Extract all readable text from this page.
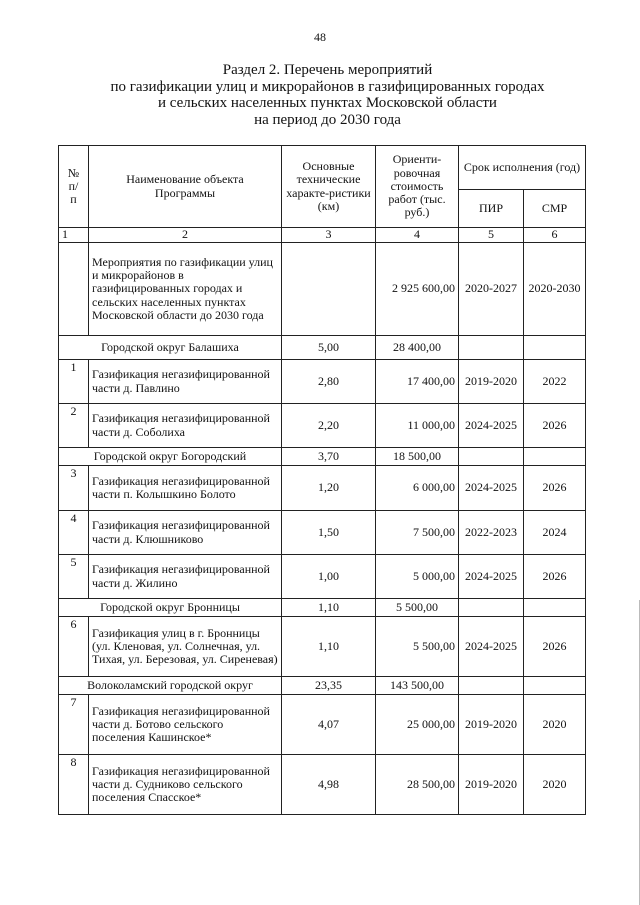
48
Раздел 2. Перечень мероприятий
по газификации улиц и микрорайонов в газифицированных городах
и сельских населенных пунктах Московской области
на период до 2030 года
№ п/п	Наименование объекта Программы	Основные технические характе-ристики (км)	Ориенти-ровочная стоимость работ (тыс. руб.)	Срок исполнения (год)	
				ПИР	СМР
1	2	3	4	5	6
	Мероприятия по газификации улиц и микрорайонов в газифицированных городах и сельских населенных пунктах Московской области до 2030 года		2 925 600,00	2020-2027	2020-2030
Городской округ Балашиха		5,00	28 400,00		
1	Газификация негазифицированной части д. Павлино	2,80	17 400,00	2019-2020	2022
2	Газификация негазифицированной части д. Соболиха	2,20	11 000,00	2024-2025	2026
Городской округ Богородский		3,70	18 500,00		
3	Газификация негазифицированной части п. Колышкино Болото	1,20	6 000,00	2024-2025	2026
4	Газификация негазифицированной части д. Клюшниково	1,50	7 500,00	2022-2023	2024
5	Газификация негазифицированной части д. Жилино	1,00	5 000,00	2024-2025	2026
Городской округ Бронницы		1,10	5 500,00		
6	Газификация улиц в г. Бронницы (ул. Кленовая, ул. Солнечная, ул. Тихая, ул. Березовая, ул. Сиреневая)	1,10	5 500,00	2024-2025	2026
Волоколамский городской округ		23,35	143 500,00		
7	Газификация негазифицированной части д. Ботово сельского поселения Кашинское*	4,07	25 000,00	2019-2020	2020
8	Газификация негазифицированной части д. Судниково сельского поселения Спасское*	4,98	28 500,00	2019-2020	2020
